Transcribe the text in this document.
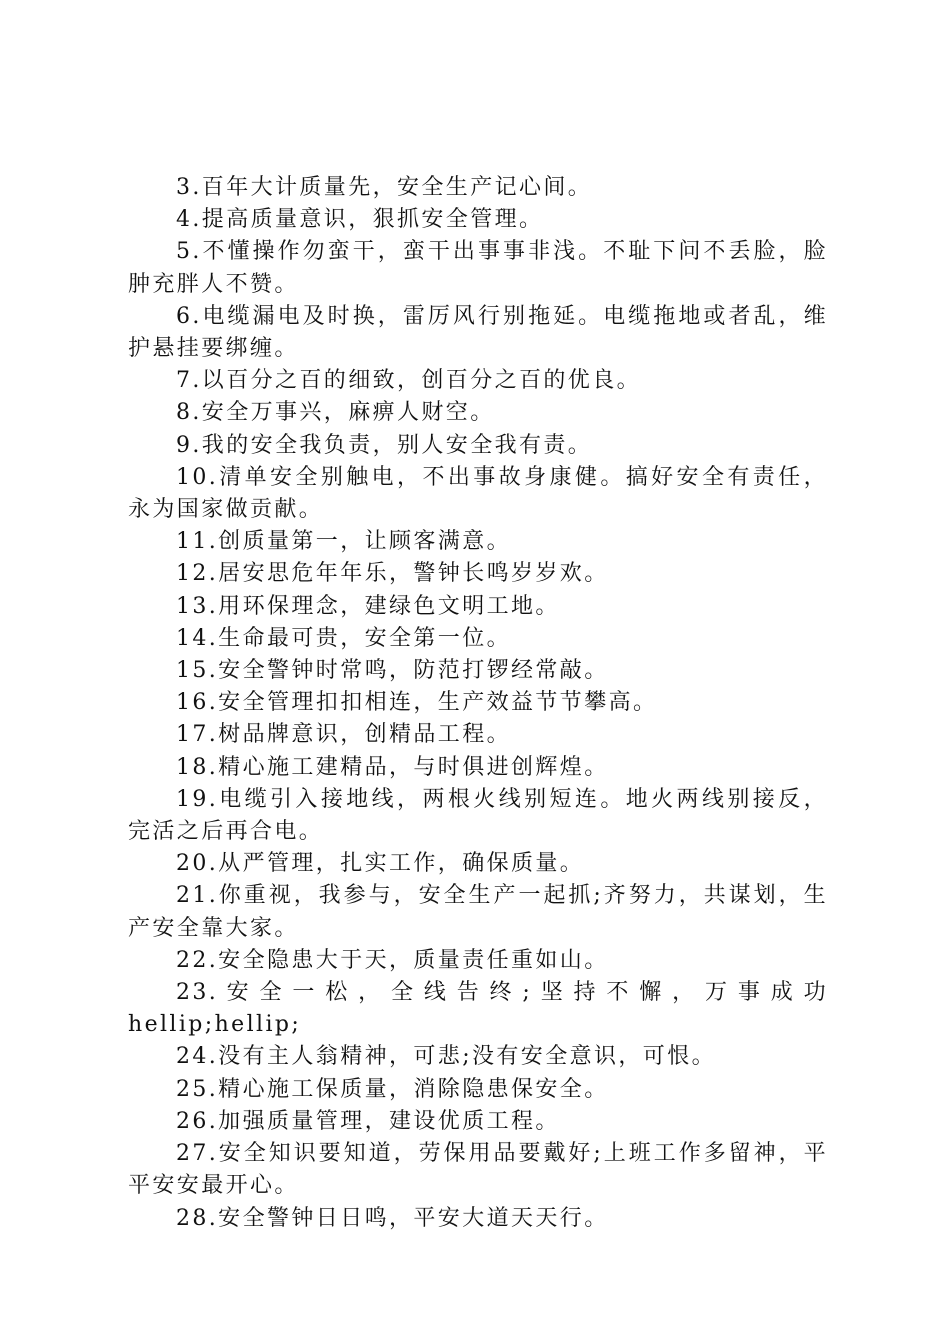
3.百年大计质量先，安全生产记心间。

4.提高质量意识，狠抓安全管理。

5.不懂操作勿蛮干，蛮干出事事非浅。不耻下问不丢脸，脸肿充胖人不赞。

6.电缆漏电及时换，雷厉风行别拖延。电缆拖地或者乱，维护悬挂要绑缠。

7.以百分之百的细致，创百分之百的优良。

8.安全万事兴，麻痹人财空。

9.我的安全我负责，别人安全我有责。

10.清单安全别触电，不出事故身康健。搞好安全有责任，永为国家做贡献。

11.创质量第一，让顾客满意。

12.居安思危年年乐，警钟长鸣岁岁欢。

13.用环保理念，建绿色文明工地。

14.生命最可贵，安全第一位。

15.安全警钟时常鸣，防范打锣经常敲。

16.安全管理扣扣相连，生产效益节节攀高。

17.树品牌意识，创精品工程。

18.精心施工建精品，与时俱进创辉煌。

19.电缆引入接地线，两根火线别短连。地火两线别接反，完活之后再合电。

20.从严管理，扎实工作，确保质量。

21.你重视，我参与，安全生产一起抓;齐努力，共谋划，生产安全靠大家。

22.安全隐患大于天，质量责任重如山。

23.安全一松，全线告终;坚持不懈，万事成功hellip;hellip;

24.没有主人翁精神，可悲;没有安全意识，可恨。

25.精心施工保质量，消除隐患保安全。

26.加强质量管理，建设优质工程。

27.安全知识要知道，劳保用品要戴好;上班工作多留神，平平安安最开心。

28.安全警钟日日鸣，平安大道天天行。
